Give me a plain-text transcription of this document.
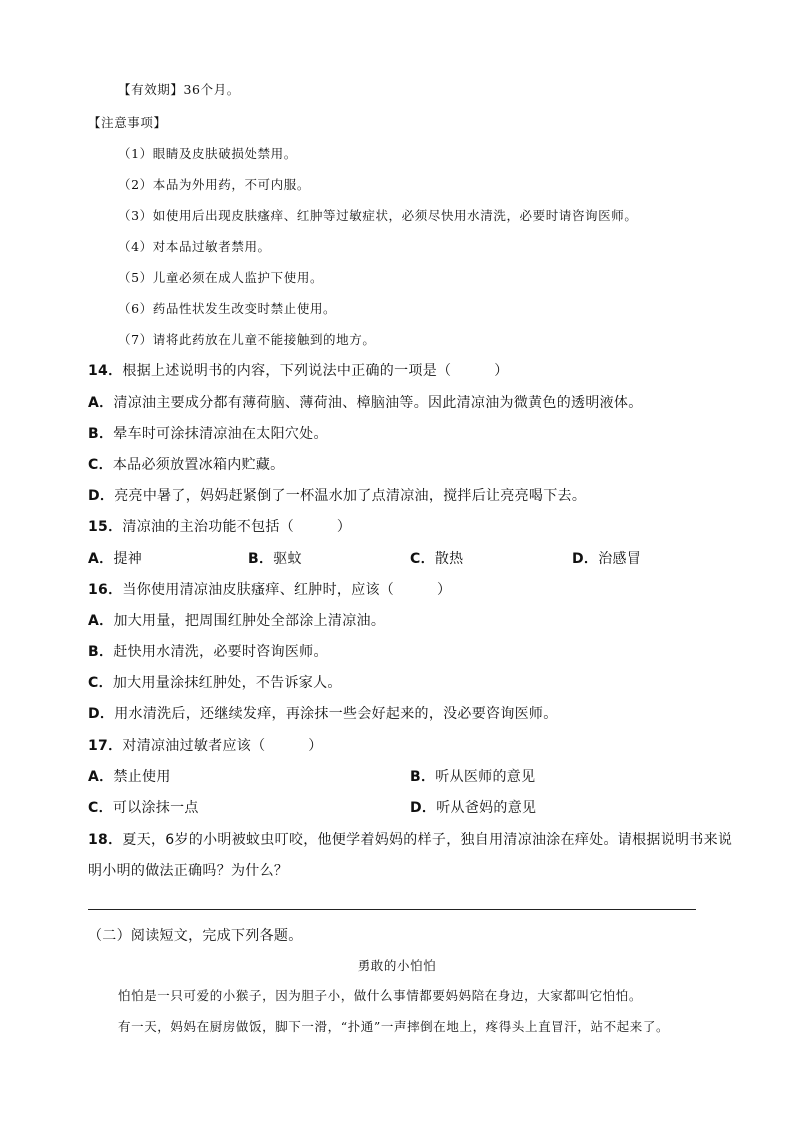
【有效期】36个月。
【注意事项】
（1）眼睛及皮肤破损处禁用。
（2）本品为外用药，不可内服。
（3）如使用后出现皮肤瘙痒、红肿等过敏症状，必须尽快用水清洗，必要时请咨询医师。
（4）对本品过敏者禁用。
（5）儿童必须在成人监护下使用。
（6）药品性状发生改变时禁止使用。
（7）请将此药放在儿童不能接触到的地方。
14．根据上述说明书的内容，下列说法中正确的一项是（　　　）
A．清凉油主要成分都有薄荷脑、薄荷油、樟脑油等。因此清凉油为微黄色的透明液体。
B．晕车时可涂抹清凉油在太阳穴处。
C．本品必须放置冰箱内贮藏。
D．亮亮中暑了，妈妈赶紧倒了一杯温水加了点清凉油，搅拌后让亮亮喝下去。
15．清凉油的主治功能不包括（　　　）
A．提神	B．驱蚊	C．散热	D．治感冒
16．当你使用清凉油皮肤瘙痒、红肿时，应该（　　　）
A．加大用量，把周围红肿处全部涂上清凉油。
B．赶快用水清洗，必要时咨询医师。
C．加大用量涂抹红肿处，不告诉家人。
D．用水清洗后，还继续发痒，再涂抹一些会好起来的，没必要咨询医师。
17．对清凉油过敏者应该（　　　）
A．禁止使用	B．听从医师的意见
C．可以涂抹一点	D．听从爸妈的意见
18．夏天，6岁的小明被蚊虫叮咬，他便学着妈妈的样子，独自用清凉油涂在痒处。请根据说明书来说
明小明的做法正确吗？为什么？
（二）阅读短文，完成下列各题。
勇敢的小怕怕
怕怕是一只可爱的小猴子，因为胆子小，做什么事情都要妈妈陪在身边，大家都叫它怕怕。
有一天，妈妈在厨房做饭，脚下一滑，“扑通”一声摔倒在地上，疼得头上直冒汗，站不起来了。
